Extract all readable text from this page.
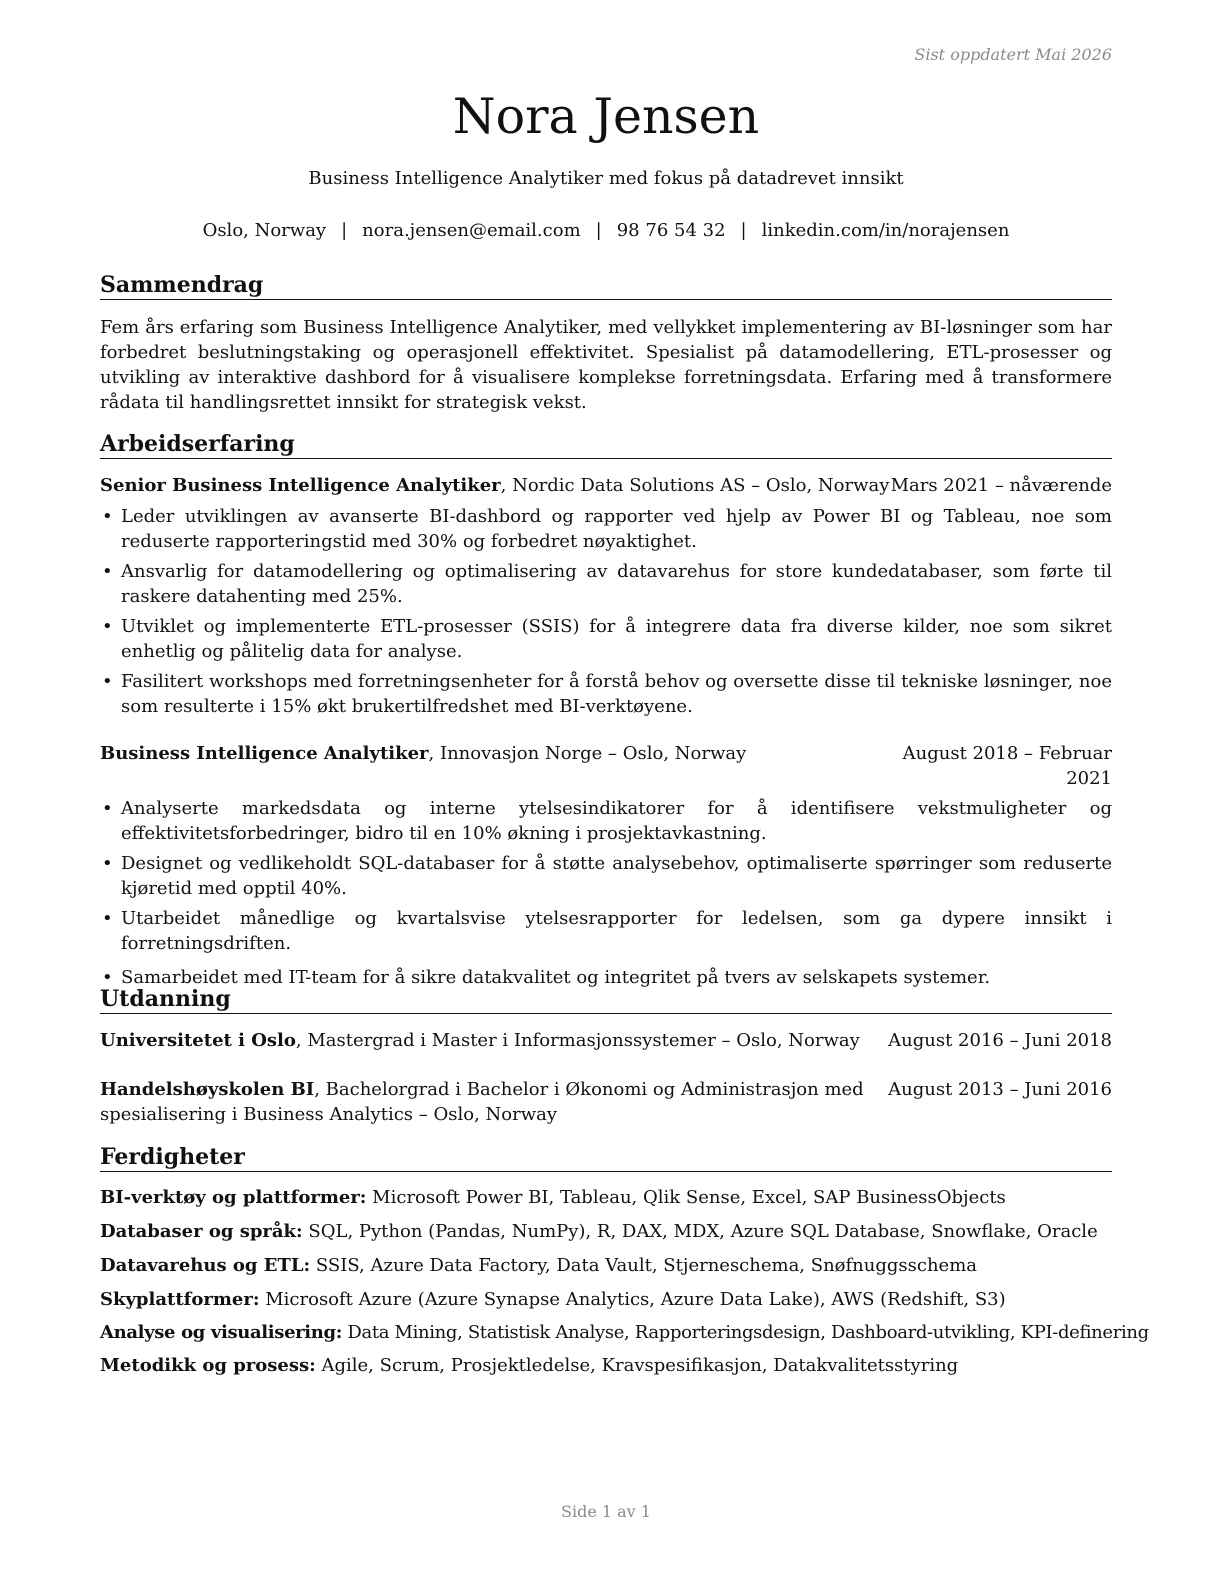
Sist oppdatert Mai 2026
Nora Jensen
Business Intelligence Analytiker med fokus på datadrevet innsikt
Oslo, Norway | nora.jensen@email.com | 98 76 54 32 | linkedin.com/in/norajensen
Sammendrag
Fem års erfaring som Business Intelligence Analytiker, med vellykket implementering av BI-løsninger som har forbedret beslutningstaking og operasjonell effektivitet. Spesialist på datamodellering, ETL-prosesser og utvikling av interaktive dashbord for å visualisere komplekse forretningsdata. Erfaring med å transformere rådata til handlingsrettet innsikt for strategisk vekst.
Arbeidserfaring
Senior Business Intelligence Analytiker, Nordic Data Solutions AS – Oslo, Norway Mars 2021 – nåværende
• Leder utviklingen av avanserte BI-dashbord og rapporter ved hjelp av Power BI og Tableau, noe som reduserte rapporteringstid med 30% og forbedret nøyaktighet.
• Ansvarlig for datamodellering og optimalisering av datavarehus for store kundedatabaser, som førte til raskere datahenting med 25%.
• Utviklet og implementerte ETL-prosesser (SSIS) for å integrere data fra diverse kilder, noe som sikret enhetlig og pålitelig data for analyse.
• Fasilitert workshops med forretningsenheter for å forstå behov og oversette disse til tekniske løsninger, noe som resulterte i 15% økt brukertilfredshet med BI-verktøyene.
Business Intelligence Analytiker, Innovasjon Norge – Oslo, Norway	August 2018 – Februar
2021
• Analyserte markedsdata og interne ytelsesindikatorer for å identifisere vekstmuligheter og effektivitetsforbedringer, bidro til en 10% økning i prosjektavkastning.
• Designet og vedlikeholdt SQL-databaser for å støtte analysebehov, optimaliserte spørringer som reduserte kjøretid med opptil 40%.
• Utarbeidet månedlige og kvartalsvise ytelsesrapporter for ledelsen, som ga dypere innsikt i forretningsdriften.
• Samarbeidet med IT-team for å sikre datakvalitet og integritet på tvers av selskapets systemer.
Utdanning
Universitetet i Oslo, Mastergrad i Master i Informasjonssystemer – Oslo, Norway	August 2016 – Juni 2018
Handelshøyskolen BI, Bachelorgrad i Bachelor i Økonomi og Administrasjon med spesialisering i Business Analytics – Oslo, Norway
August 2013 – Juni 2016
Ferdigheter
BI-verktøy og plattformer: Microsoft Power BI, Tableau, Qlik Sense, Excel, SAP BusinessObjects
Databaser og språk: SQL, Python (Pandas, NumPy), R, DAX, MDX, Azure SQL Database, Snowflake, Oracle
Datavarehus og ETL: SSIS, Azure Data Factory, Data Vault, Stjerneschema, Snøfnuggsschema
Skyplattformer: Microsoft Azure (Azure Synapse Analytics, Azure Data Lake), AWS (Redshift, S3)
Analyse og visualisering: Data Mining, Statistisk Analyse, Rapporteringsdesign, Dashboard-utvikling, KPI-definering
Metodikk og prosess: Agile, Scrum, Prosjektledelse, Kravspesifikasjon, Datakvalitetsstyring
Side 1 av 1
